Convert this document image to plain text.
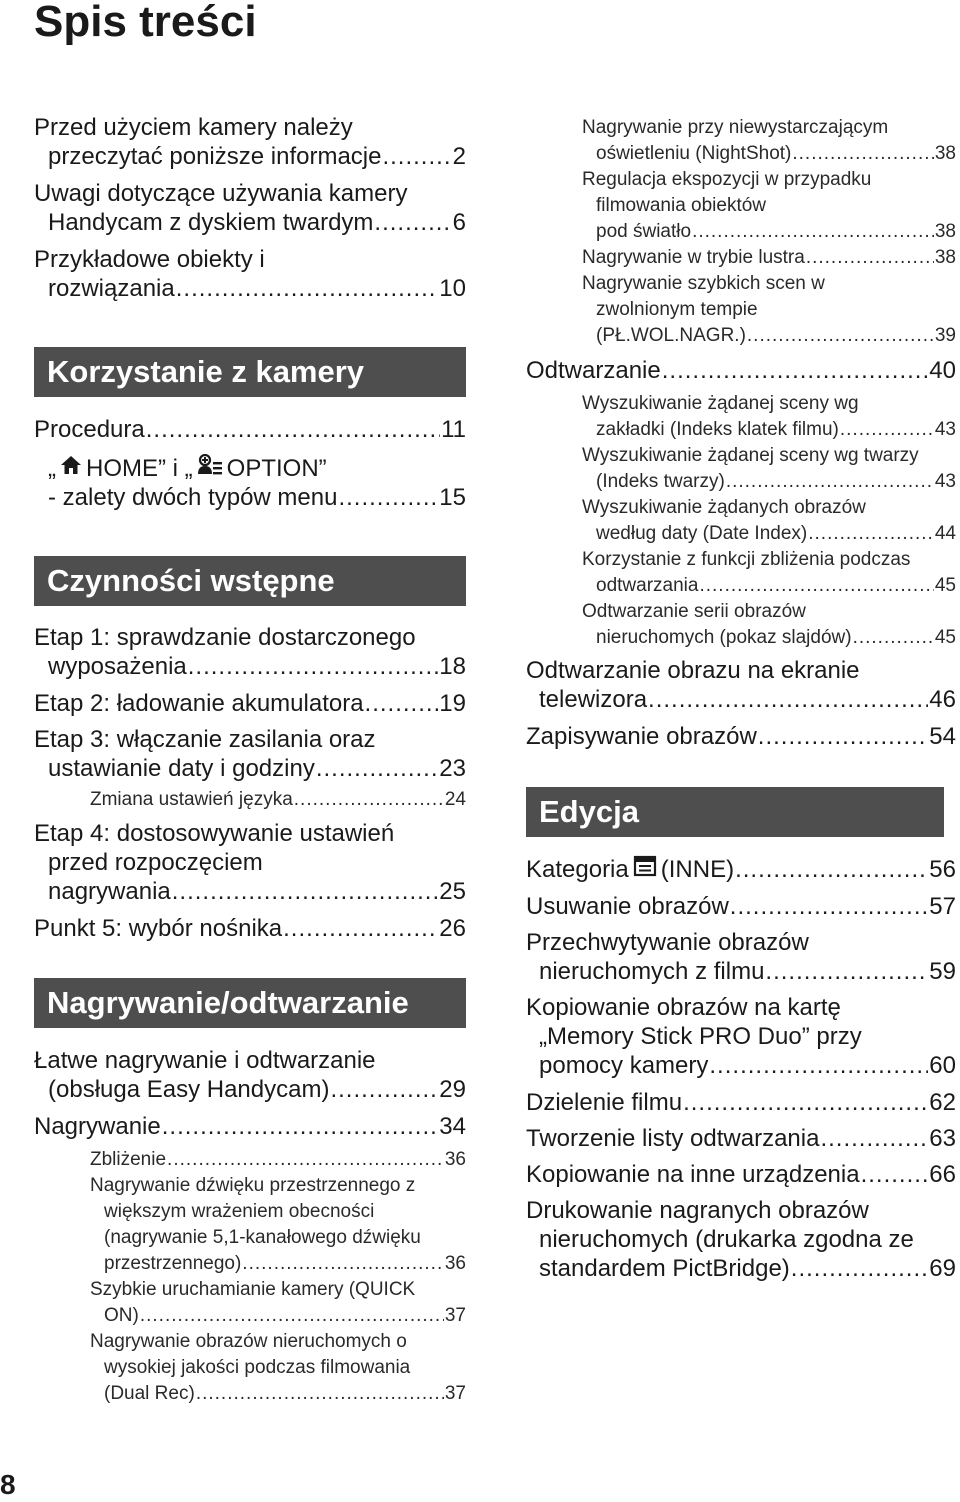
Spis treści
Przed użyciem kamery należy
przeczytać poniższe informacje .....	2
Uwagi dotyczące używania kamery
Handycam z dyskiem twardym .....	6
Przykładowe obiekty i
rozwiązania .....	10
Korzystanie z kamery
Procedura .....	11
„ HOME” i „ OPTION”
- zalety dwóch typów menu .....	15
Czynności wstępne
Etap 1: sprawdzanie dostarczonego
wyposażenia .....	18
Etap 2: ładowanie akumulatora .....	19
Etap 3: włączanie zasilania oraz
ustawianie daty i godziny .....	23
Zmiana ustawień języka .....	24
Etap 4: dostosowywanie ustawień
przed rozpoczęciem
nagrywania .....	25
Punkt 5: wybór nośnika .....	26
Nagrywanie/odtwarzanie
Łatwe nagrywanie i odtwarzanie
(obsługa Easy Handycam) .....	29
Nagrywanie .....	34
Zbliżenie .....	36
Nagrywanie dźwięku przestrzennego z
większym wrażeniem obecności
(nagrywanie 5,1-kanałowego dźwięku
przestrzennego) .....	36
Szybkie uruchamianie kamery (QUICK
ON) .....	37
Nagrywanie obrazów nieruchomych o
wysokiej jakości podczas filmowania
(Dual Rec) .....	37
Nagrywanie przy niewystarczającym
oświetleniu (NightShot) .....	38
Regulacja ekspozycji w przypadku
filmowania obiektów
pod światło .....	38
Nagrywanie w trybie lustra .....	38
Nagrywanie szybkich scen w
zwolnionym tempie
(PŁ.WOL.NAGR.) .....	39
Odtwarzanie .....	40
Wyszukiwanie żądanej sceny wg
zakładki (Indeks klatek filmu) .....	43
Wyszukiwanie żądanej sceny wg twarzy
(Indeks twarzy) .....	43
Wyszukiwanie żądanych obrazów
według daty (Date Index) .....	44
Korzystanie z funkcji zbliżenia podczas
odtwarzania .....	45
Odtwarzanie serii obrazów
nieruchomych (pokaz slajdów) .....	45
Odtwarzanie obrazu na ekranie
telewizora .....	46
Zapisywanie obrazów .....	54
Edycja
Kategoria (INNE) .....	56
Usuwanie obrazów .....	57
Przechwytywanie obrazów
nieruchomych z filmu .....	59
Kopiowanie obrazów na kartę
„Memory Stick PRO Duo” przy
pomocy kamery .....	60
Dzielenie filmu .....	62
Tworzenie listy odtwarzania .....	63
Kopiowanie na inne urządzenia .....	66
Drukowanie nagranych obrazów
nieruchomych (drukarka zgodna ze
standardem PictBridge) .....	69
8
